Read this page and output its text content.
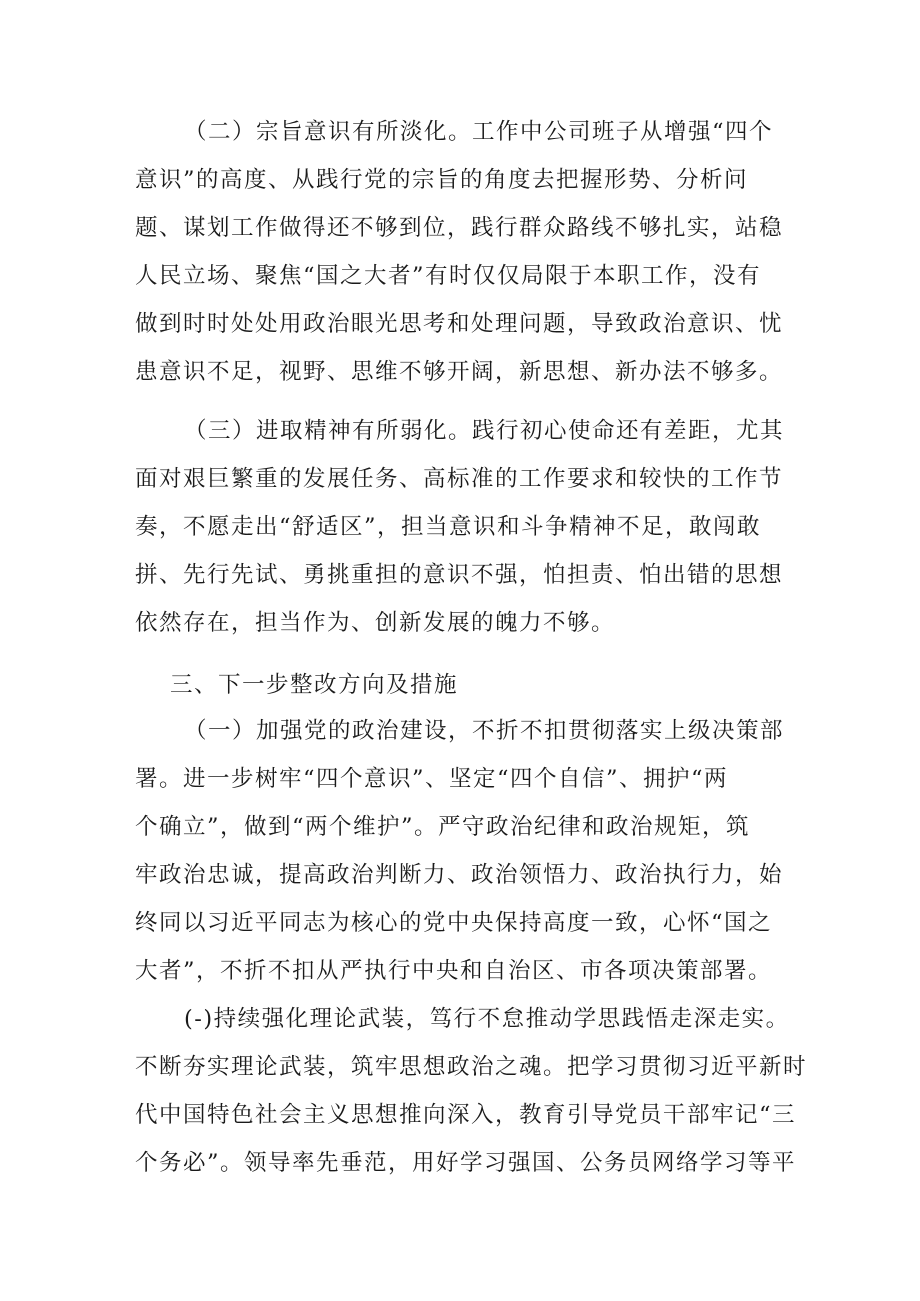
（二）宗旨意识有所淡化。工作中公司班子从增强“四个
意识”的高度、从践行党的宗旨的角度去把握形势、分析问
题、谋划工作做得还不够到位，践行群众路线不够扎实，站稳
人民立场、聚焦“国之大者”有时仅仅局限于本职工作，没有
做到时时处处用政治眼光思考和处理问题，导致政治意识、忧
患意识不足，视野、思维不够开阔，新思想、新办法不够多。
（三）进取精神有所弱化。践行初心使命还有差距，尤其
面对艰巨繁重的发展任务、高标准的工作要求和较快的工作节
奏，不愿走出“舒适区”，担当意识和斗争精神不足，敢闯敢
拼、先行先试、勇挑重担的意识不强，怕担责、怕出错的思想
依然存在，担当作为、创新发展的魄力不够。
三、下一步整改方向及措施
（一）加强党的政治建设，不折不扣贯彻落实上级决策部
署。进一步树牢“四个意识”、坚定“四个自信”、拥护“两
个确立”，做到“两个维护”。严守政治纪律和政治规矩，筑
牢政治忠诚，提高政治判断力、政治领悟力、政治执行力，始
终同以习近平同志为核心的党中央保持高度一致，心怀“国之
大者”，不折不扣从严执行中央和自治区、市各项决策部署。
(-)持续强化理论武装，笃行不怠推动学思践悟走深走实。
不断夯实理论武装，筑牢思想政治之魂。把学习贯彻习近平新时
代中国特色社会主义思想推向深入，教育引导党员干部牢记“三
个务必”。领导率先垂范，用好学习强国、公务员网络学习等平
